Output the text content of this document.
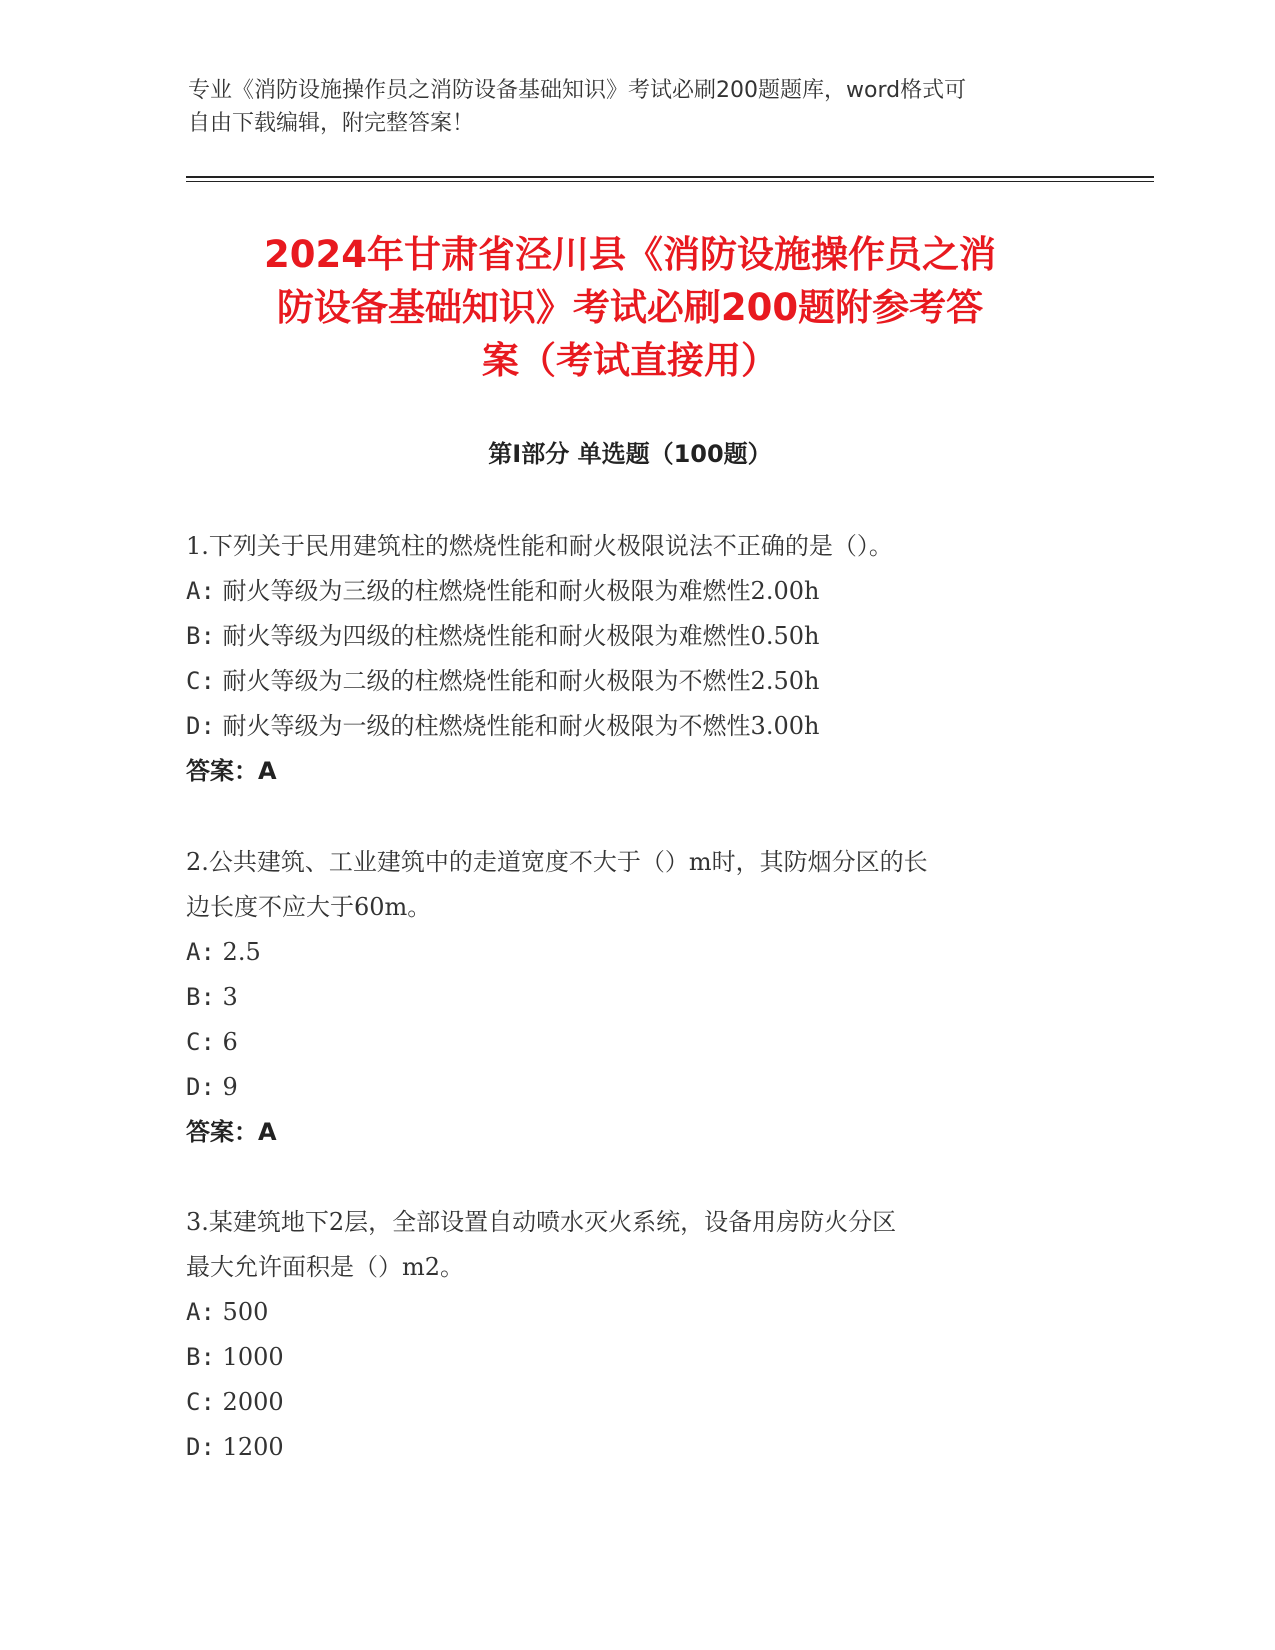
专业《消防设施操作员之消防设备基础知识》考试必刷200题题库，word格式可
自由下载编辑，附完整答案！
2024年甘肃省泾川县《消防设施操作员之消
防设备基础知识》考试必刷200题附参考答
案（考试直接用）
第I部分 单选题（100题）

1.下列关于民用建筑柱的燃烧性能和耐火极限说法不正确的是（）。

A: 耐火等级为三级的柱燃烧性能和耐火极限为难燃性2.00h

B: 耐火等级为四级的柱燃烧性能和耐火极限为难燃性0.50h

C: 耐火等级为二级的柱燃烧性能和耐火极限为不燃性2.50h

D: 耐火等级为一级的柱燃烧性能和耐火极限为不燃性3.00h

答案：A

2.公共建筑、工业建筑中的走道宽度不大于（）m时，其防烟分区的长

边长度不应大于60m。

A: 2.5

B: 3

C: 6

D: 9

答案：A

3.某建筑地下2层，全部设置自动喷水灭火系统，设备用房防火分区

最大允许面积是（）m2。

A: 500

B: 1000

C: 2000

D: 1200
